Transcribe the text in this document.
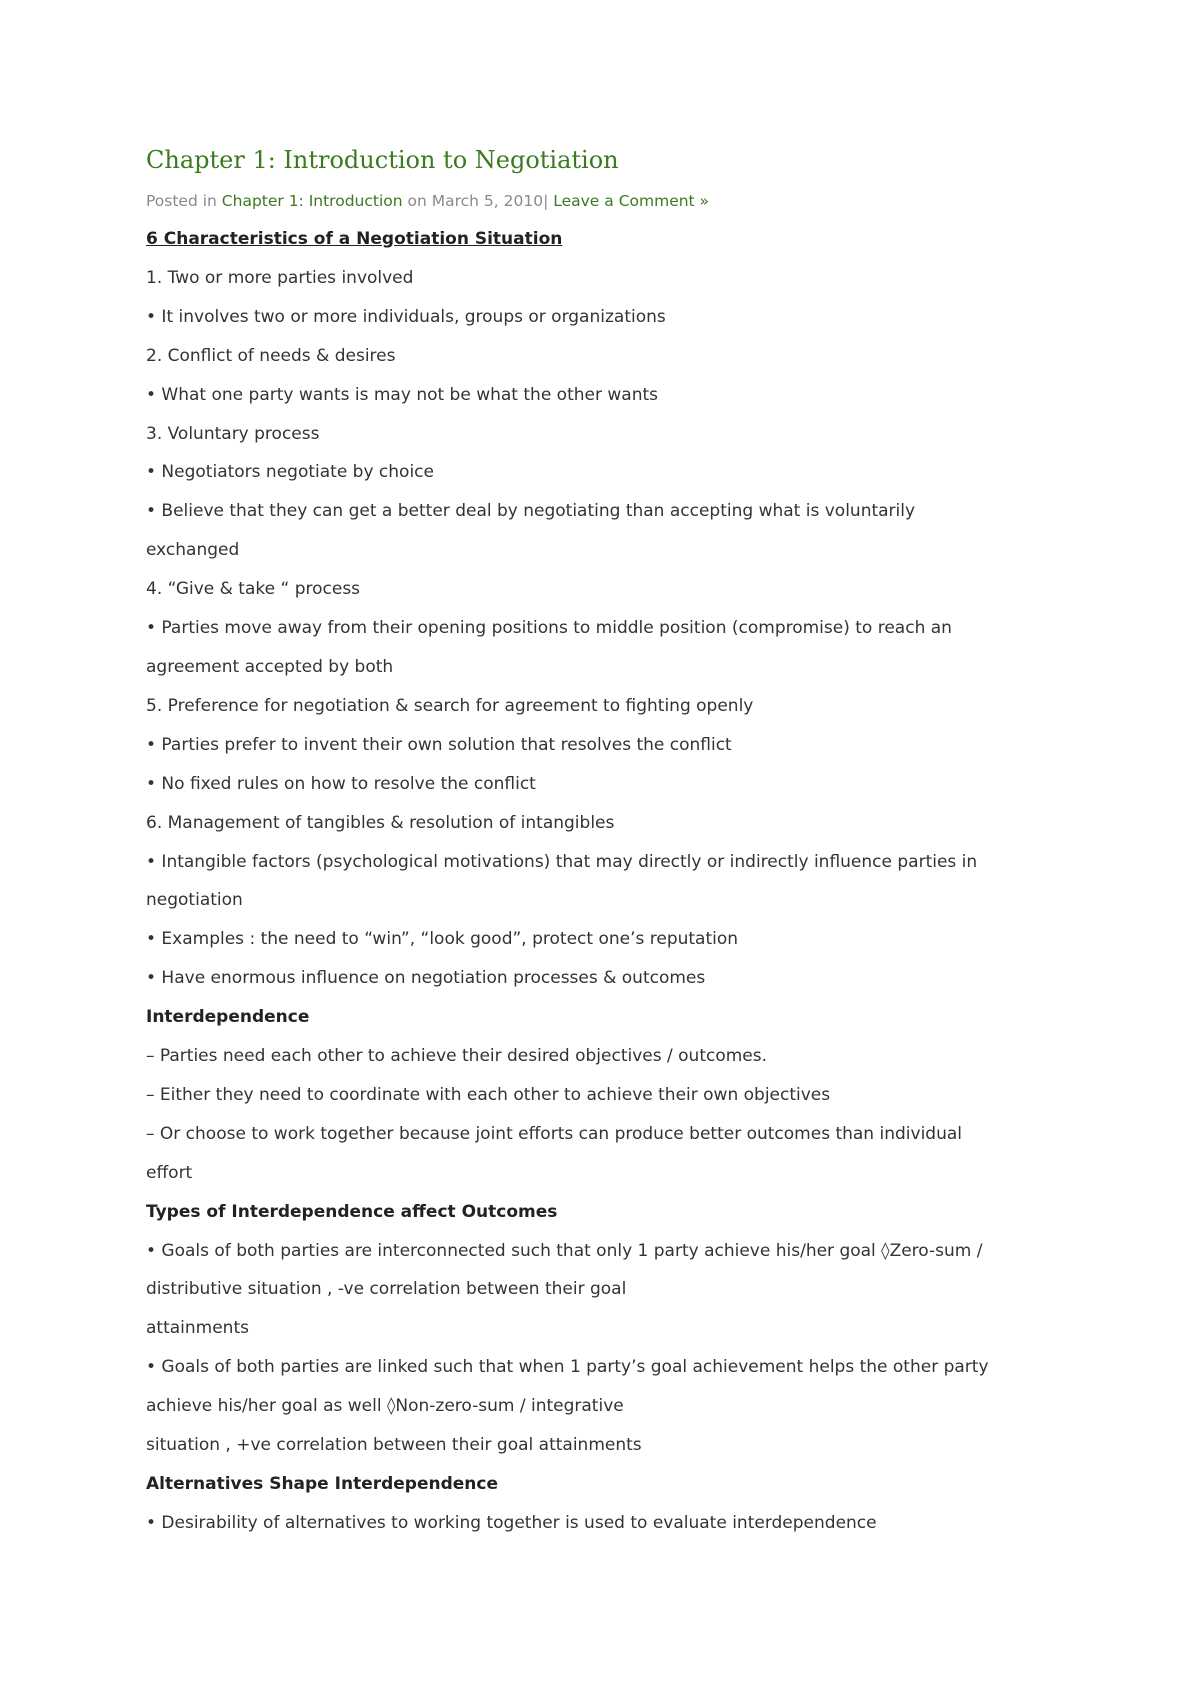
Chapter 1: Introduction to Negotiation
Posted in Chapter 1: Introduction on March 5, 2010| Leave a Comment »
6 Characteristics of a Negotiation Situation
1. Two or more parties involved
• It involves two or more individuals, groups or organizations
2. Conflict of needs & desires
• What one party wants is may not be what the other wants
3. Voluntary process
• Negotiators negotiate by choice
• Believe that they can get a better deal by negotiating than accepting what is voluntarily
exchanged
4. “Give & take “ process
• Parties move away from their opening positions to middle position (compromise) to reach an
agreement accepted by both
5. Preference for negotiation & search for agreement to fighting openly
• Parties prefer to invent their own solution that resolves the conflict
• No fixed rules on how to resolve the conflict
6. Management of tangibles & resolution of intangibles
• Intangible factors (psychological motivations) that may directly or indirectly influence parties in
negotiation
• Examples : the need to “win”, “look good”, protect one’s reputation
• Have enormous influence on negotiation processes & outcomes
Interdependence
– Parties need each other to achieve their desired objectives / outcomes.
– Either they need to coordinate with each other to achieve their own objectives
– Or choose to work together because joint efforts can produce better outcomes than individual
effort
Types of Interdependence affect Outcomes
• Goals of both parties are interconnected such that only 1 party achieve his/her goal ◊Zero-sum /
distributive situation , -ve correlation between their goal
attainments
• Goals of both parties are linked such that when 1 party’s goal achievement helps the other party
achieve his/her goal as well ◊Non-zero-sum / integrative
situation , +ve correlation between their goal attainments
Alternatives Shape Interdependence
• Desirability of alternatives to working together is used to evaluate interdependence
